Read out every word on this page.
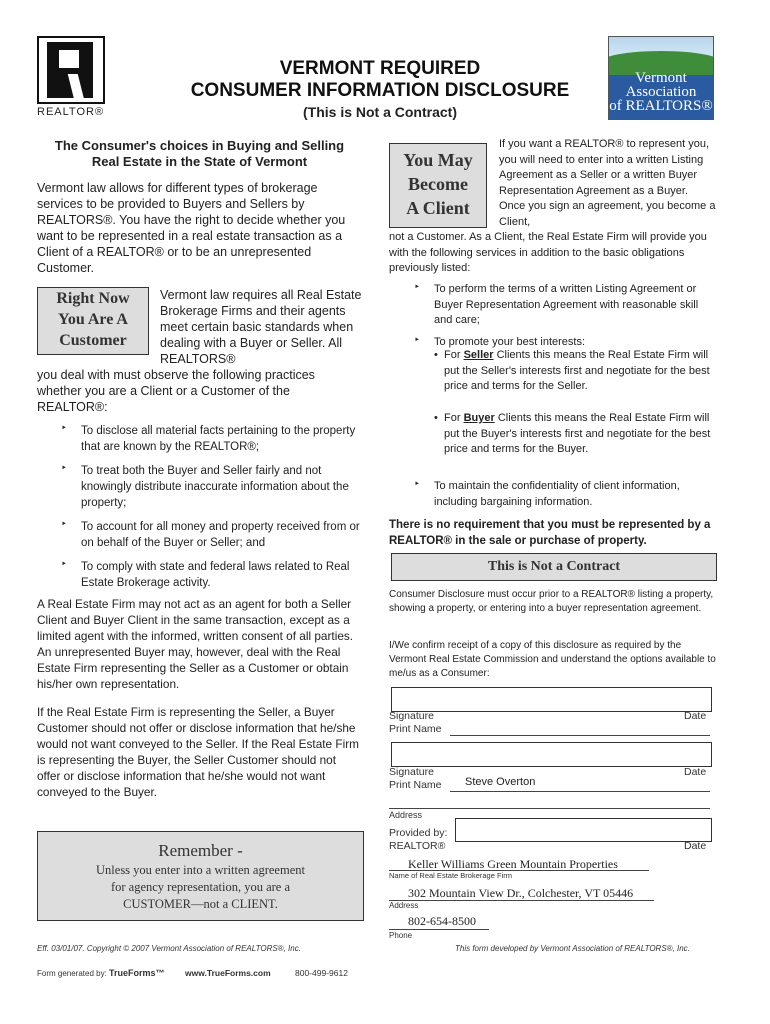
REALTOR®
VERMONT REQUIRED
CONSUMER INFORMATION DISCLOSURE
(This is Not a Contract)
Vermont
Association
of REALTORS®
The Consumer's choices in Buying and Selling
Real Estate in the State of Vermont
Vermont law allows for different types of brokerage services to be provided to Buyers and Sellers by REALTORS®. You have the right to decide whether you want to be represented in a real estate transaction as a Client of a REALTOR® or to be an unrepresented Customer.
Right Now
You Are A
Customer
Vermont law requires all Real Estate Brokerage Firms and their agents meet certain basic standards when dealing with a Buyer or Seller. All REALTORS®
you deal with must observe the following practices whether you are a Client or a Customer of the REALTOR®:
‣ To disclose all material facts pertaining to the property that are known by the REALTOR®;
‣ To treat both the Buyer and Seller fairly and not knowingly distribute inaccurate information about the property;
‣ To account for all money and property received from or on behalf of the Buyer or Seller; and
‣ To comply with state and federal laws related to Real Estate Brokerage activity.
A Real Estate Firm may not act as an agent for both a Seller Client and Buyer Client in the same transaction, except as a limited agent with the informed, written consent of all parties. An unrepresented Buyer may, however, deal with the Real Estate Firm representing the Seller as a Customer or obtain his/her own representation.
If the Real Estate Firm is representing the Seller, a Buyer Customer should not offer or disclose information that he/she would not want conveyed to the Seller. If the Real Estate Firm is representing the Buyer, the Seller Customer should not offer or disclose information that he/she would not want conveyed to the Buyer.
Remember -
Unless you enter into a written agreement
for agency representation, you are a
CUSTOMER—not a CLIENT.
You May
Become
A Client
If you want a REALTOR® to represent you, you will need to enter into a written Listing Agreement as a Seller or a written Buyer Representation Agreement as a Buyer. Once you sign an agreement, you become a Client,
not a Customer. As a Client, the Real Estate Firm will provide you with the following services in addition to the basic obligations previously listed:
‣ To perform the terms of a written Listing Agreement or Buyer Representation Agreement with reasonable skill and care;
‣ To promote your best interests:
• For Seller Clients this means the Real Estate Firm will put the Seller's interests first and negotiate for the best price and terms for the Seller.
• For Buyer Clients this means the Real Estate Firm will put the Buyer's interests first and negotiate for the best price and terms for the Buyer.
‣ To maintain the confidentiality of client information, including bargaining information.
There is no requirement that you must be represented by a REALTOR® in the sale or purchase of property.
This is Not a Contract
Consumer Disclosure must occur prior to a REALTOR® listing a property, showing a property, or entering into a buyer representation agreement.
I/We confirm receipt of a copy of this disclosure as required by the Vermont Real Estate Commission and understand the options available to me/us as a Consumer:
Signature	Date
Print Name
Signature	Date
Print Name Steve Overton
Address
Provided by:
REALTOR®	Date
Keller Williams Green Mountain Properties
Name of Real Estate Brokerage Firm
302 Mountain View Dr., Colchester, VT 05446
Address
802-654-8500
Phone
Eff. 03/01/07. Copyright © 2007 Vermont Association of REALTORS®, Inc.	This form developed by Vermont Association of REALTORS®, Inc.
Form generated by: TrueForms™ www.TrueForms.com	800-499-9612
